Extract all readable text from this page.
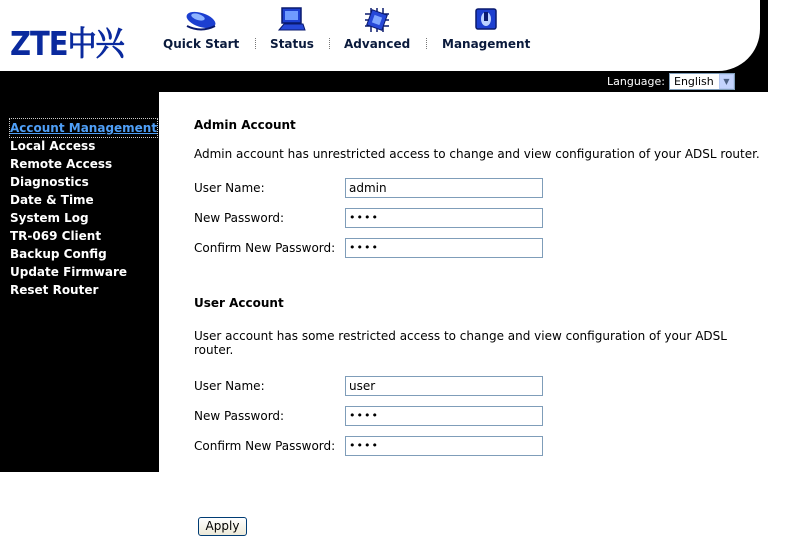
ZTE中兴	Quick Start	Status	Advanced	Management
Language: English	▼
Account Management
Local Access
Remote Access
Diagnostics
Date & Time
System Log
TR-069 Client
Backup Config
Update Firmware
Reset Router
Admin Account
Admin account has unrestricted access to change and view configuration of your ADSL router.
User Name:	admin
New Password:	••••
Confirm New Password:	••••
User Account
User account has some restricted access to change and view configuration of your ADSL router.
User Name:	user
New Password:	••••
Confirm New Password:	••••
Apply
